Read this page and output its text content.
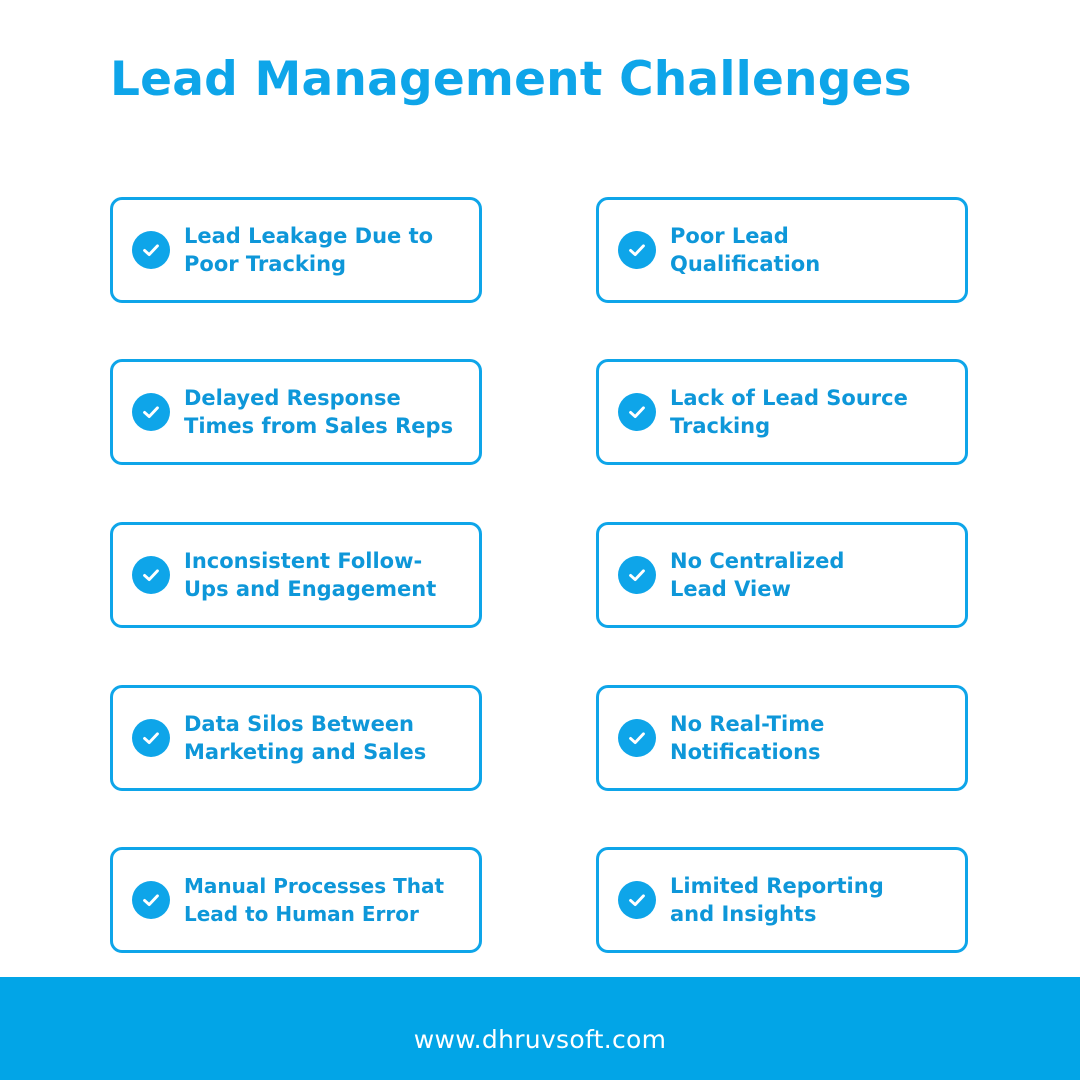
Lead Management Challenges
Lead Leakage Due to Poor Tracking
Poor Lead Qualification
Delayed Response Times from Sales Reps
Lack of Lead Source Tracking
Inconsistent Follow-Ups and Engagement
No Centralized Lead View
Data Silos Between Marketing and Sales
No Real-Time Notifications
Manual Processes That Lead to Human Error
Limited Reporting and Insights
www.dhruvsoft.com
